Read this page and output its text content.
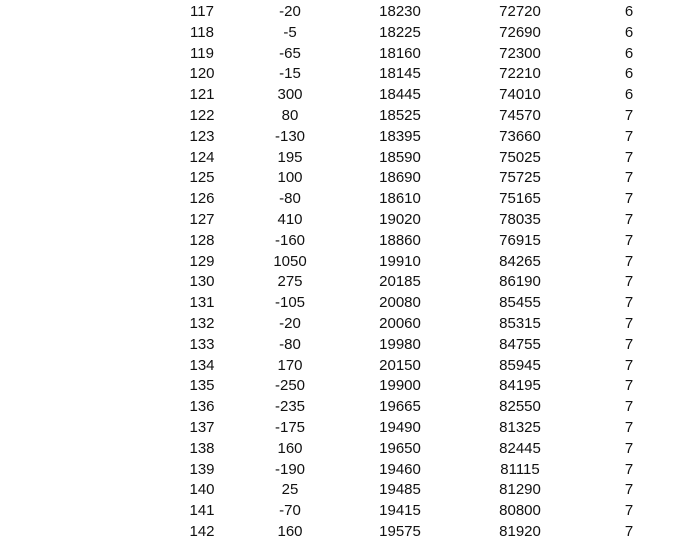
117	-20	18230	72720	6
118	-5	18225	72690	6
119	-65	18160	72300	6
120	-15	18145	72210	6
121	300	18445	74010	6
122	80	18525	74570	7
123	-130	18395	73660	7
124	195	18590	75025	7
125	100	18690	75725	7
126	-80	18610	75165	7
127	410	19020	78035	7
128	-160	18860	76915	7
129	1050	19910	84265	7
130	275	20185	86190	7
131	-105	20080	85455	7
132	-20	20060	85315	7
133	-80	19980	84755	7
134	170	20150	85945	7
135	-250	19900	84195	7
136	-235	19665	82550	7
137	-175	19490	81325	7
138	160	19650	82445	7
139	-190	19460	81115	7
140	25	19485	81290	7
141	-70	19415	80800	7
142	160	19575	81920	7
